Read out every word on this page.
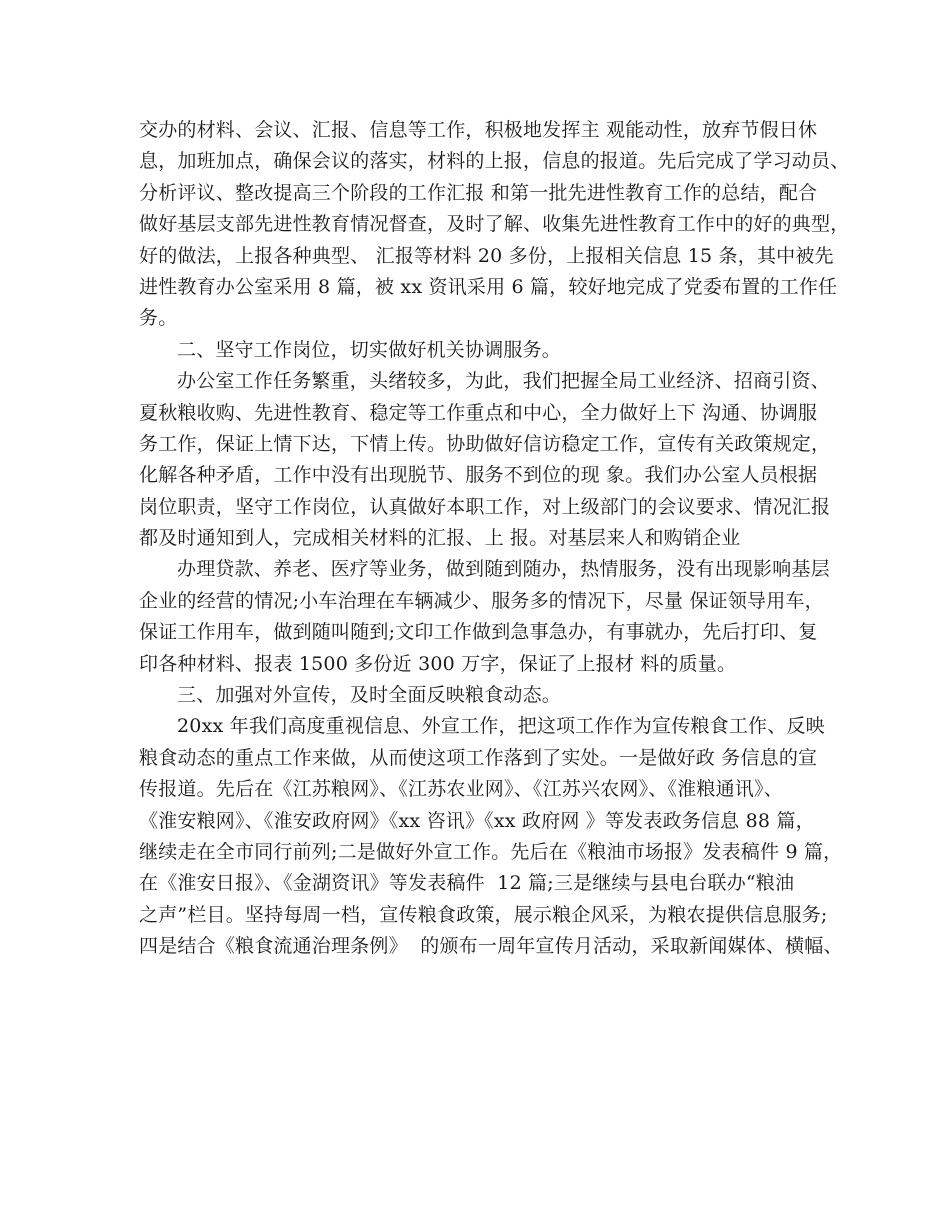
交办的材料、会议、汇报、信息等工作，积极地发挥主 观能动性，放弃节假日休
息，加班加点，确保会议的落实，材料的上报，信息的报道。先后完成了学习动员、
分析评议、整改提高三个阶段的工作汇报 和第一批先进性教育工作的总结，配合
做好基层支部先进性教育情况督查，及时了解、收集先进性教育工作中的好的典型，
好的做法，上报各种典型、 汇报等材料 20 多份，上报相关信息 15 条，其中被先
进性教育办公室采用 8 篇，被 xx 资讯采用 6 篇，较好地完成了党委布置的工作任
务。
二、坚守工作岗位，切实做好机关协调服务。
办公室工作任务繁重，头绪较多，为此，我们把握全局工业经济、招商引资、
夏秋粮收购、先进性教育、稳定等工作重点和中心，全力做好上下 沟通、协调服
务工作，保证上情下达，下情上传。协助做好信访稳定工作，宣传有关政策规定，
化解各种矛盾，工作中没有出现脱节、服务不到位的现 象。我们办公室人员根据
岗位职责，坚守工作岗位，认真做好本职工作，对上级部门的会议要求、情况汇报
都及时通知到人，完成相关材料的汇报、上 报。对基层来人和购销企业
办理贷款、养老、医疗等业务，做到随到随办，热情服务，没有出现影响基层
企业的经营的情况;小车治理在车辆减少、服务多的情况下，尽量 保证领导用车，
保证工作用车，做到随叫随到;文印工作做到急事急办，有事就办，先后打印、复
印各种材料、报表 1500 多份近 300 万字，保证了上报材 料的质量。
三、加强对外宣传，及时全面反映粮食动态。
20xx 年我们高度重视信息、外宣工作，把这项工作作为宣传粮食工作、反映
粮食动态的重点工作来做，从而使这项工作落到了实处。一是做好政 务信息的宣
传报道。先后在《江苏粮网》、《江苏农业网》、《江苏兴农网》、《淮粮通讯》、
《淮安粮网》、《淮安政府网》《xx 咨讯》《xx 政府网 》等发表政务信息 88 篇，
继续走在全市同行前列;二是做好外宣工作。先后在《粮油市场报》发表稿件 9 篇，
在《淮安日报》、《金湖资讯》等发表稿件  12 篇;三是继续与县电台联办“粮油
之声”栏目。坚持每周一档，宣传粮食政策，展示粮企风采，为粮农提供信息服务;
四是结合《粮食流通治理条例》  的颁布一周年宣传月活动，采取新闻媒体、横幅、
